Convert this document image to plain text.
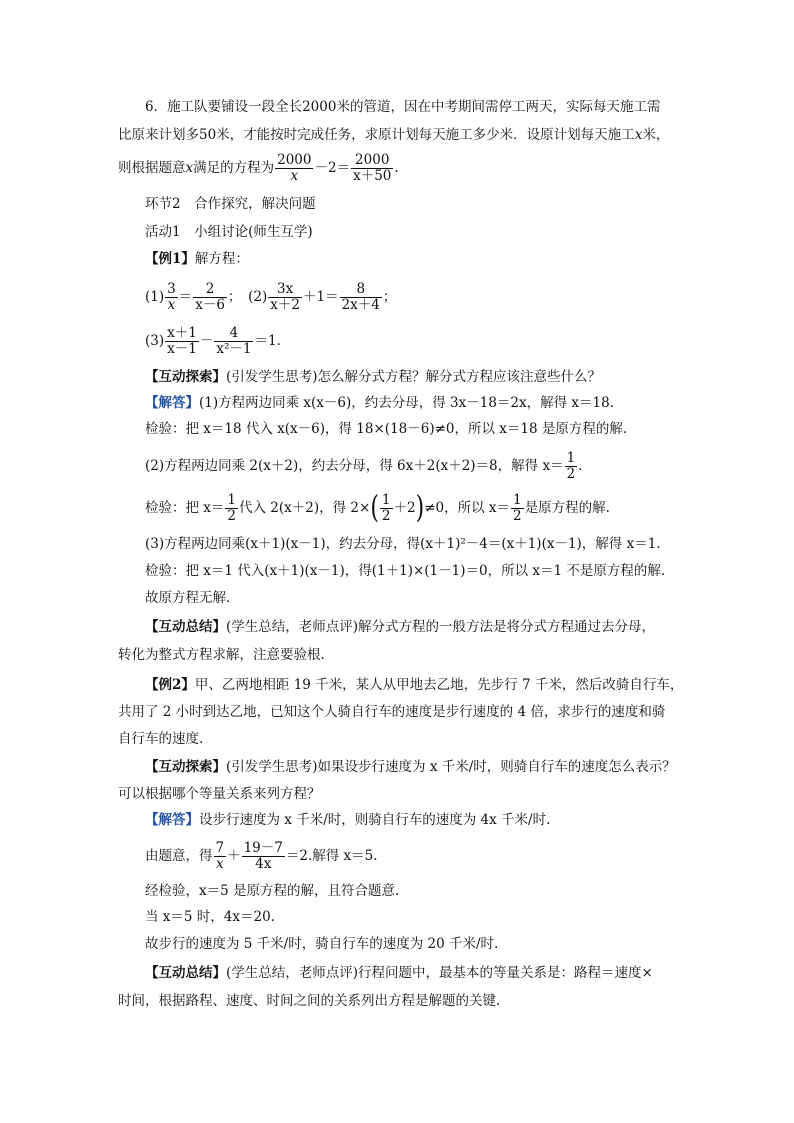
6．施工队要铺设一段全长2000米的管道，因在中考期间需停工两天，实际每天施工需
比原来计划多50米，才能按时完成任务，求原计划每天施工多少米．设原计划每天施工x米，
则根据题意x满足的方程为 $\frac{2000}{x} -2= \frac{2000}{x+50}$ .
环节2　合作探究，解决问题
活动1　小组讨论(师生互学)
【例1】解方程：
$(1) \frac{3}{x} = \frac{2}{x-6}$ ；　$(2) \frac{3x}{x+2} +1= \frac{8}{2x+4}$ ；
$(3) \frac{x+1}{x-1} - \frac{4}{\text{x²－1}} =1$.
【互动探索】(引发学生思考)怎么解分式方程？解分式方程应该注意些什么？
【解答】(1)方程两边同乘 x(x－6)，约去分母，得 3x－18＝2x，解得 x＝18.
检验：把 x＝18 代入 x(x－6)，得 18×(18－6)≠0，所以 x＝18 是原方程的解.
(2)方程两边同乘 2(x＋2)，约去分母，得 6x＋2(x＋2)＝8，解得 $x= \frac{1}{2}$ .
检验：把 $x= \frac{1}{2}$ 代入 2(x＋2)，得 $2\times( \frac{1}{2} +2)\ne 0$，所以 $x= \frac{1}{2}$ 是原方程的解.
(3)方程两边同乘(x＋1)(x－1)，约去分母，得(x＋1)²－4＝(x＋1)(x－1)，解得 x＝1.
检验：把 x＝1 代入(x＋1)(x－1)，得(1＋1)×(1－1)＝0，所以 x＝1 不是原方程的解.
故原方程无解.
【互动总结】(学生总结，老师点评)解分式方程的一般方法是将分式方程通过去分母，
转化为整式方程求解，注意要验根.
【例2】甲、乙两地相距 19 千米，某人从甲地去乙地，先步行 7 千米，然后改骑自行车，
共用了 2 小时到达乙地，已知这个人骑自行车的速度是步行速度的 4 倍，求步行的速度和骑
自行车的速度.
【互动探索】(引发学生思考)如果设步行速度为 x 千米/时，则骑自行车的速度怎么表示？
可以根据哪个等量关系来列方程？
【解答】设步行速度为 x 千米/时，则骑自行车的速度为 4x 千米/时.
由题意，得 $\frac{7}{x} + \frac{19-7}{4x} =2$.解得 x＝5.
经检验，x＝5 是原方程的解，且符合题意.
当 x＝5 时，4x＝20.
故步行的速度为 5 千米/时，骑自行车的速度为 20 千米/时.
【互动总结】(学生总结，老师点评)行程问题中，最基本的等量关系是：路程＝速度×
时间，根据路程、速度、时间之间的关系列出方程是解题的关键.
